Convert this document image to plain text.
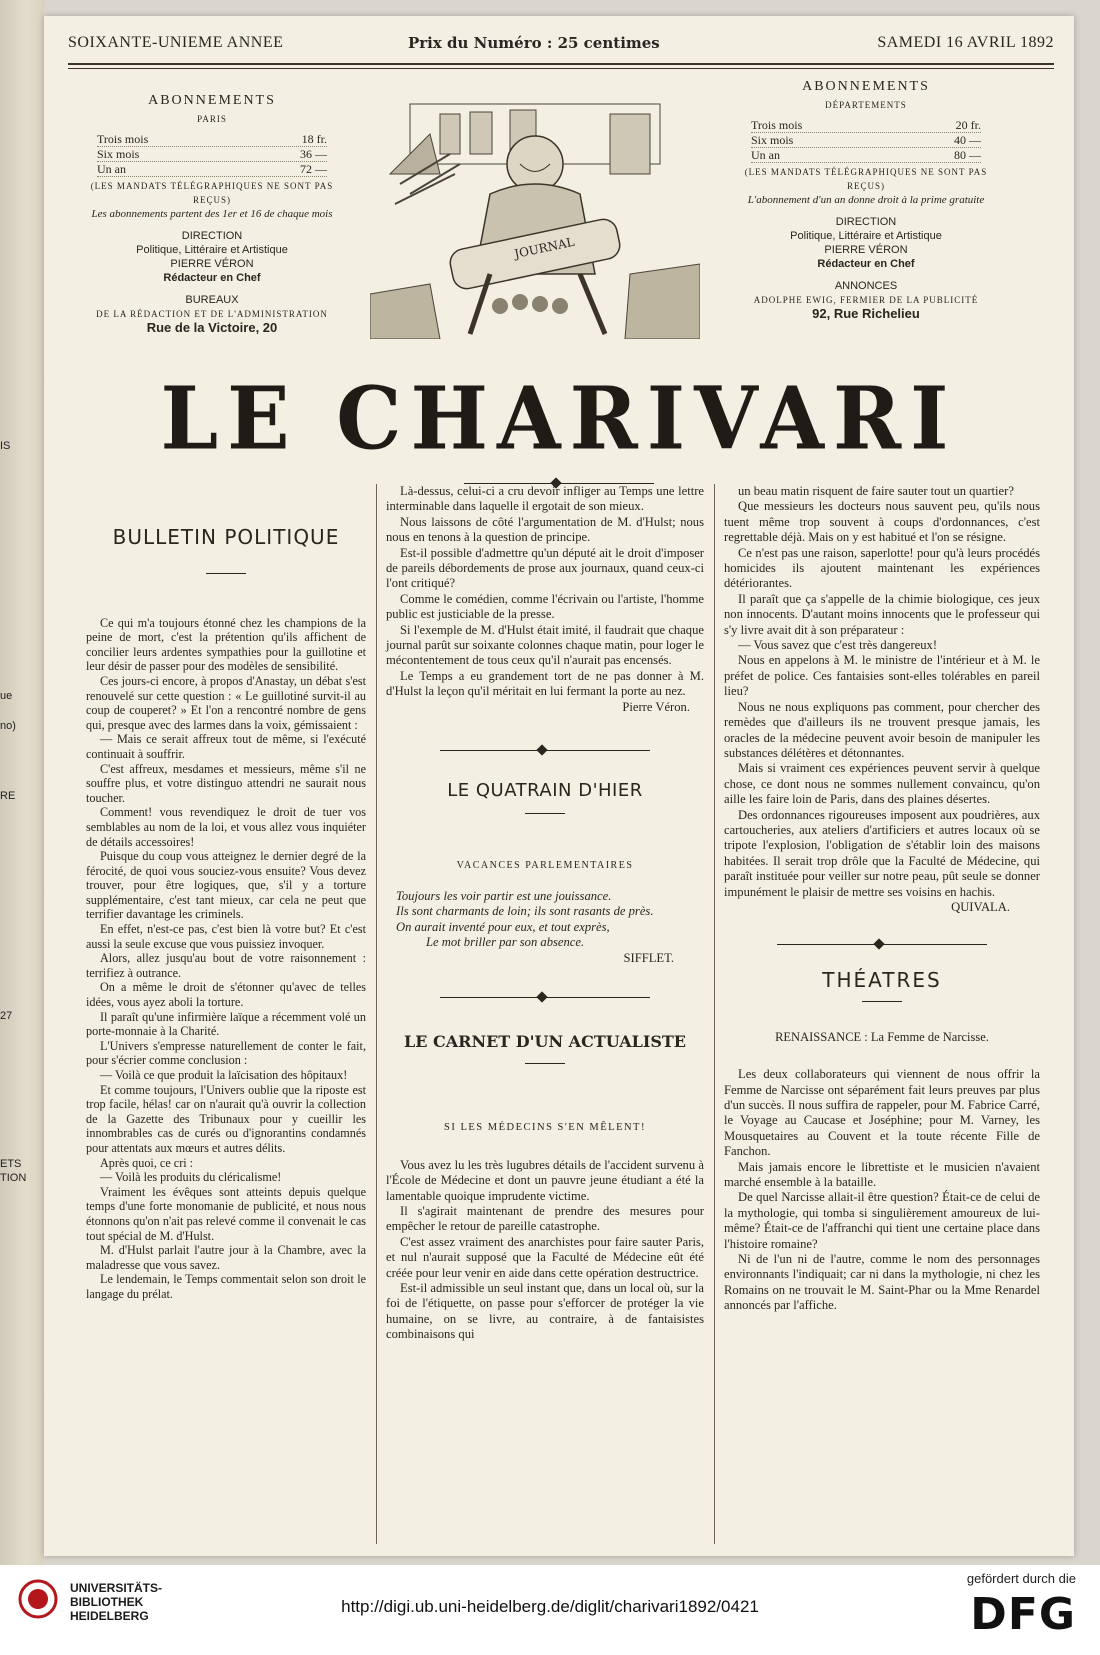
IS
ue
no)
RE
27
ETS
TION
SOIXANTE-UNIEME ANNEE	Prix du Numéro : 25 centimes	SAMEDI 16 AVRIL 1892
ABONNEMENTS
PARIS
Trois mois	18 fr.
Six mois	36 —
Un an	72 —
(LES MANDATS TÉLÉGRAPHIQUES NE SONT PAS REÇUS)
Les abonnements partent des 1er et 16 de chaque mois
DIRECTION
Politique, Littéraire et Artistique
PIERRE VÉRON
Rédacteur en Chef
BUREAUX
DE LA RÉDACTION ET DE L'ADMINISTRATION
Rue de la Victoire, 20
JOURNAL
ABONNEMENTS
DÉPARTEMENTS
Trois mois	20 fr.
Six mois	40 —
Un an	80 —
(LES MANDATS TÉLÉGRAPHIQUES NE SONT PAS REÇUS)
L'abonnement d'un an donne droit à la prime gratuite
DIRECTION
Politique, Littéraire et Artistique
PIERRE VÉRON
Rédacteur en Chef
ANNONCES
ADOLPHE EWIG, FERMIER DE LA PUBLICITÉ
92, Rue Richelieu
LE CHARIVARI
BULLETIN POLITIQUE

Ce qui m'a toujours étonné chez les champions de la peine de mort, c'est la prétention qu'ils affichent de concilier leurs ardentes sympathies pour la guillotine et leur désir de passer pour des modèles de sensibilité.

Ces jours-ci encore, à propos d'Anastay, un débat s'est renouvelé sur cette question : « Le guillotiné survit-il au coup de couperet? » Et l'on a rencontré nombre de gens qui, presque avec des larmes dans la voix, gémissaient :

— Mais ce serait affreux tout de même, si l'exécuté continuait à souffrir.

C'est affreux, mesdames et messieurs, même s'il ne souffre plus, et votre distinguo attendri ne saurait nous toucher.

Comment! vous revendiquez le droit de tuer vos semblables au nom de la loi, et vous allez vous inquiéter de détails accessoires!

Puisque du coup vous atteignez le dernier degré de la férocité, de quoi vous souciez-vous ensuite? Vous devez trouver, pour être logiques, que, s'il y a torture supplémentaire, c'est tant mieux, car cela ne peut que terrifier davantage les criminels.

En effet, n'est-ce pas, c'est bien là votre but? Et c'est aussi la seule excuse que vous puissiez invoquer.

Alors, allez jusqu'au bout de votre raisonnement : terrifiez à outrance.

On a même le droit de s'étonner qu'avec de telles idées, vous ayez aboli la torture.

Il paraît qu'une infirmière laïque a récemment volé un porte-monnaie à la Charité.

L'Univers s'empresse naturellement de conter le fait, pour s'écrier comme conclusion :

— Voilà ce que produit la laïcisation des hôpitaux!

Et comme toujours, l'Univers oublie que la riposte est trop facile, hélas! car on n'aurait qu'à ouvrir la collection de la Gazette des Tribunaux pour y cueillir les innombrables cas de curés ou d'ignorantins condamnés pour attentats aux mœurs et autres délits.

Après quoi, ce cri :

— Voilà les produits du cléricalisme!

Vraiment les évêques sont atteints depuis quelque temps d'une forte monomanie de publicité, et nous nous étonnons qu'on n'ait pas relevé comme il convenait le cas tout spécial de M. d'Hulst.

M. d'Hulst parlait l'autre jour à la Chambre, avec la maladresse que vous savez.

Le lendemain, le Temps commentait selon son droit le langage du prélat.

Là-dessus, celui-ci a cru devoir infliger au Temps une lettre interminable dans laquelle il ergotait de son mieux.

Nous laissons de côté l'argumentation de M. d'Hulst; nous nous en tenons à la question de principe.

Est-il possible d'admettre qu'un député ait le droit d'imposer de pareils débordements de prose aux journaux, quand ceux-ci l'ont critiqué?

Comme le comédien, comme l'écrivain ou l'artiste, l'homme public est justiciable de la presse.

Si l'exemple de M. d'Hulst était imité, il faudrait que chaque journal parût sur soixante colonnes chaque matin, pour loger le mécontentement de tous ceux qu'il n'aurait pas encensés.

Le Temps a eu grandement tort de ne pas donner à M. d'Hulst la leçon qu'il méritait en lui fermant la porte au nez.

Pierre Véron.
LE QUATRAIN D'HIER
VACANCES PARLEMENTAIRES
Toujours les voir partir est une jouissance.
Ils sont charmants de loin; ils sont rasants de près.
On aurait inventé pour eux, et tout exprès,
Le mot briller par son absence.
SIFFLET.
LE CARNET D'UN ACTUALISTE
SI LES MÉDECINS S'EN MÊLENT!

Vous avez lu les très lugubres détails de l'accident survenu à l'École de Médecine et dont un pauvre jeune étudiant a été la lamentable quoique imprudente victime.

Il s'agirait maintenant de prendre des mesures pour empêcher le retour de pareille catastrophe.

C'est assez vraiment des anarchistes pour faire sauter Paris, et nul n'aurait supposé que la Faculté de Médecine eût été créée pour leur venir en aide dans cette opération destructrice.

Est-il admissible un seul instant que, dans un local où, sur la foi de l'étiquette, on passe pour s'efforcer de protéger la vie humaine, on se livre, au contraire, à de fantaisistes combinaisons qui

un beau matin risquent de faire sauter tout un quartier?

Que messieurs les docteurs nous sauvent peu, qu'ils nous tuent même trop souvent à coups d'ordonnances, c'est regrettable déjà. Mais on y est habitué et l'on se résigne.

Ce n'est pas une raison, saperlotte! pour qu'à leurs procédés homicides ils ajoutent maintenant les expériences détériorantes.

Il paraît que ça s'appelle de la chimie biologique, ces jeux non innocents. D'autant moins innocents que le professeur qui s'y livre avait dit à son préparateur :

— Vous savez que c'est très dangereux!

Nous en appelons à M. le ministre de l'intérieur et à M. le préfet de police. Ces fantaisies sont-elles tolérables en pareil lieu?

Nous ne nous expliquons pas comment, pour chercher des remèdes que d'ailleurs ils ne trouvent presque jamais, les oracles de la médecine peuvent avoir besoin de manipuler les substances délétères et détonnantes.

Mais si vraiment ces expériences peuvent servir à quelque chose, ce dont nous ne sommes nullement convaincu, qu'on aille les faire loin de Paris, dans des plaines désertes.

Des ordonnances rigoureuses imposent aux poudrières, aux cartoucheries, aux ateliers d'artificiers et autres locaux où se tripote l'explosion, l'obligation de s'établir loin des maisons habitées. Il serait trop drôle que la Faculté de Médecine, qui paraît instituée pour veiller sur notre peau, pût seule se donner impunément le plaisir de mettre ses voisins en hachis.

QUIVALA.
THÉATRES
RENAISSANCE : La Femme de Narcisse.

Les deux collaborateurs qui viennent de nous offrir la Femme de Narcisse ont séparément fait leurs preuves par plus d'un succès. Il nous suffira de rappeler, pour M. Fabrice Carré, le Voyage au Caucase et Joséphine; pour M. Varney, les Mousquetaires au Couvent et la toute récente Fille de Fanchon.

Mais jamais encore le librettiste et le musicien n'avaient marché ensemble à la bataille.

De quel Narcisse allait-il être question? Était-ce de celui de la mythologie, qui tomba si singulièrement amoureux de lui-même? Était-ce de l'affranchi qui tient une certaine place dans l'histoire romaine?

Ni de l'un ni de l'autre, comme le nom des personnages environnants l'indiquait; car ni dans la mythologie, ni chez les Romains on ne trouvait le M. Saint-Phar ou la Mme Renardel annoncés par l'affiche.

UNIVERSITÄTS-
BIBLIOTHEK
HEIDELBERG	http://digi.ub.uni-heidelberg.de/diglit/charivari1892/0421
gefördert durch die
DFG
